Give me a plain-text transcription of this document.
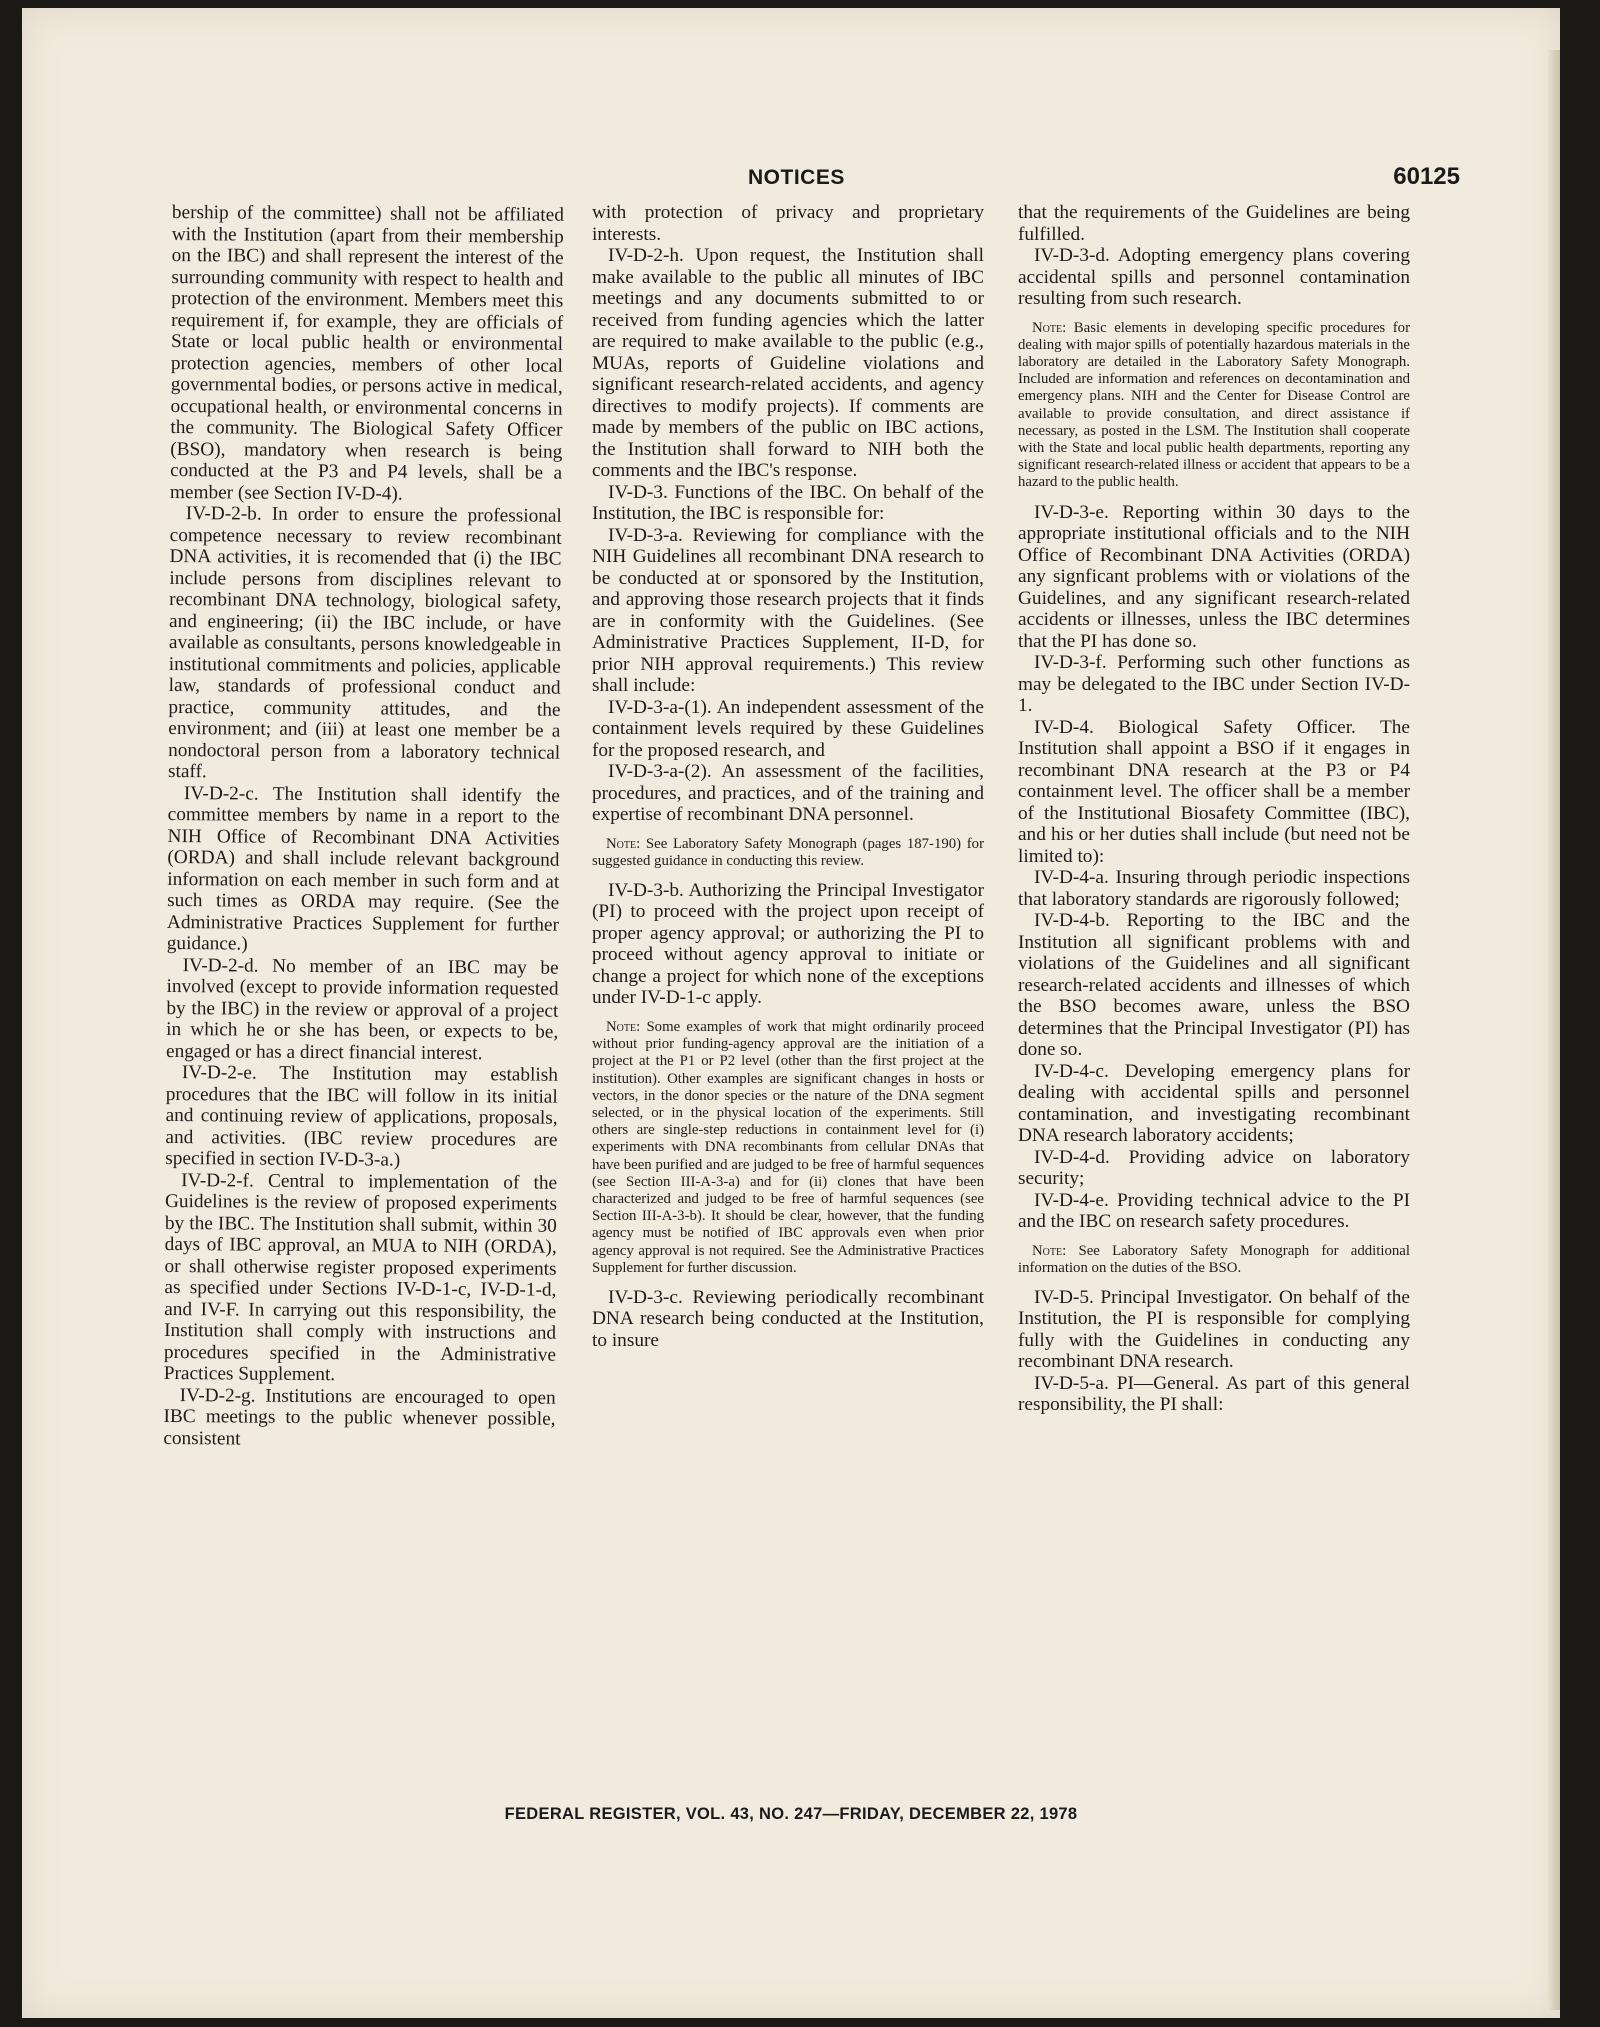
NOTICES	60125

bership of the committee) shall not be affiliated with the Institution (apart from their membership on the IBC) and shall represent the interest of the surrounding community with respect to health and protection of the environment. Members meet this requirement if, for example, they are officials of State or local public health or environmental protection agencies, members of other local governmental bodies, or persons active in medical, occupational health, or environmental concerns in the community. The Biological Safety Officer (BSO), mandatory when research is being conducted at the P3 and P4 levels, shall be a member (see Section IV-D-4).

IV-D-2-b. In order to ensure the professional competence necessary to review recombinant DNA activities, it is recomended that (i) the IBC include persons from disciplines relevant to recombinant DNA technology, biological safety, and engineering; (ii) the IBC include, or have available as consultants, persons knowledgeable in institutional commitments and policies, applicable law, standards of professional conduct and practice, community attitudes, and the environment; and (iii) at least one member be a nondoctoral person from a laboratory technical staff.

IV-D-2-c. The Institution shall identify the committee members by name in a report to the NIH Office of Recombinant DNA Activities (ORDA) and shall include relevant background information on each member in such form and at such times as ORDA may require. (See the Administrative Practices Supplement for further guidance.)

IV-D-2-d. No member of an IBC may be involved (except to provide information requested by the IBC) in the review or approval of a project in which he or she has been, or expects to be, engaged or has a direct financial interest.

IV-D-2-e. The Institution may establish procedures that the IBC will follow in its initial and continuing review of applications, proposals, and activities. (IBC review procedures are specified in section IV-D-3-a.)

IV-D-2-f. Central to implementation of the Guidelines is the review of proposed experiments by the IBC. The Institution shall submit, within 30 days of IBC approval, an MUA to NIH (ORDA), or shall otherwise register proposed experiments as specified under Sections IV-D-1-c, IV-D-1-d, and IV-F. In carrying out this responsibility, the Institution shall comply with instructions and procedures specified in the Administrative Practices Supplement.

IV-D-2-g. Institutions are encouraged to open IBC meetings to the public whenever possible, consistent

with protection of privacy and proprietary interests.

IV-D-2-h. Upon request, the Institution shall make available to the public all minutes of IBC meetings and any documents submitted to or received from funding agencies which the latter are required to make available to the public (e.g., MUAs, reports of Guideline violations and significant research-related accidents, and agency directives to modify projects). If comments are made by members of the public on IBC actions, the Institution shall forward to NIH both the comments and the IBC's response.

IV-D-3. Functions of the IBC. On behalf of the Institution, the IBC is responsible for:

IV-D-3-a. Reviewing for compliance with the NIH Guidelines all recombinant DNA research to be conducted at or sponsored by the Institution, and approving those research projects that it finds are in conformity with the Guidelines. (See Administrative Practices Supplement, II-D, for prior NIH approval requirements.) This review shall include:

IV-D-3-a-(1). An independent assessment of the containment levels required by these Guidelines for the proposed research, and

IV-D-3-a-(2). An assessment of the facilities, procedures, and practices, and of the training and expertise of recombinant DNA personnel.

Note: See Laboratory Safety Monograph (pages 187-190) for suggested guidance in conducting this review.

IV-D-3-b. Authorizing the Principal Investigator (PI) to proceed with the project upon receipt of proper agency approval; or authorizing the PI to proceed without agency approval to initiate or change a project for which none of the exceptions under IV-D-1-c apply.

Note: Some examples of work that might ordinarily proceed without prior funding-agency approval are the initiation of a project at the P1 or P2 level (other than the first project at the institution). Other examples are significant changes in hosts or vectors, in the donor species or the nature of the DNA segment selected, or in the physical location of the experiments. Still others are single-step reductions in containment level for (i) experiments with DNA recombinants from cellular DNAs that have been purified and are judged to be free of harmful sequences (see Section III-A-3-a) and for (ii) clones that have been characterized and judged to be free of harmful sequences (see Section III-A-3-b). It should be clear, however, that the funding agency must be notified of IBC approvals even when prior agency approval is not required. See the Administrative Practices Supplement for further discussion.

IV-D-3-c. Reviewing periodically recombinant DNA research being conducted at the Institution, to insure

that the requirements of the Guidelines are being fulfilled.

IV-D-3-d. Adopting emergency plans covering accidental spills and personnel contamination resulting from such research.

Note: Basic elements in developing specific procedures for dealing with major spills of potentially hazardous materials in the laboratory are detailed in the Laboratory Safety Monograph. Included are information and references on decontamination and emergency plans. NIH and the Center for Disease Control are available to provide consultation, and direct assistance if necessary, as posted in the LSM. The Institution shall cooperate with the State and local public health departments, reporting any significant research-related illness or accident that appears to be a hazard to the public health.

IV-D-3-e. Reporting within 30 days to the appropriate institutional officials and to the NIH Office of Recombinant DNA Activities (ORDA) any signficant problems with or violations of the Guidelines, and any significant research-related accidents or illnesses, unless the IBC determines that the PI has done so.

IV-D-3-f. Performing such other functions as may be delegated to the IBC under Section IV-D-1.

IV-D-4. Biological Safety Officer. The Institution shall appoint a BSO if it engages in recombinant DNA research at the P3 or P4 containment level. The officer shall be a member of the Institutional Biosafety Committee (IBC), and his or her duties shall include (but need not be limited to):

IV-D-4-a. Insuring through periodic inspections that laboratory standards are rigorously followed;

IV-D-4-b. Reporting to the IBC and the Institution all significant problems with and violations of the Guidelines and all significant research-related accidents and illnesses of which the BSO becomes aware, unless the BSO determines that the Principal Investigator (PI) has done so.

IV-D-4-c. Developing emergency plans for dealing with accidental spills and personnel contamination, and investigating recombinant DNA research laboratory accidents;

IV-D-4-d. Providing advice on laboratory security;

IV-D-4-e. Providing technical advice to the PI and the IBC on research safety procedures.

Note: See Laboratory Safety Monograph for additional information on the duties of the BSO.

IV-D-5. Principal Investigator. On behalf of the Institution, the PI is responsible for complying fully with the Guidelines in conducting any recombinant DNA research.

IV-D-5-a. PI—General. As part of this general responsibility, the PI shall:

FEDERAL REGISTER, VOL. 43, NO. 247—FRIDAY, DECEMBER 22, 1978
